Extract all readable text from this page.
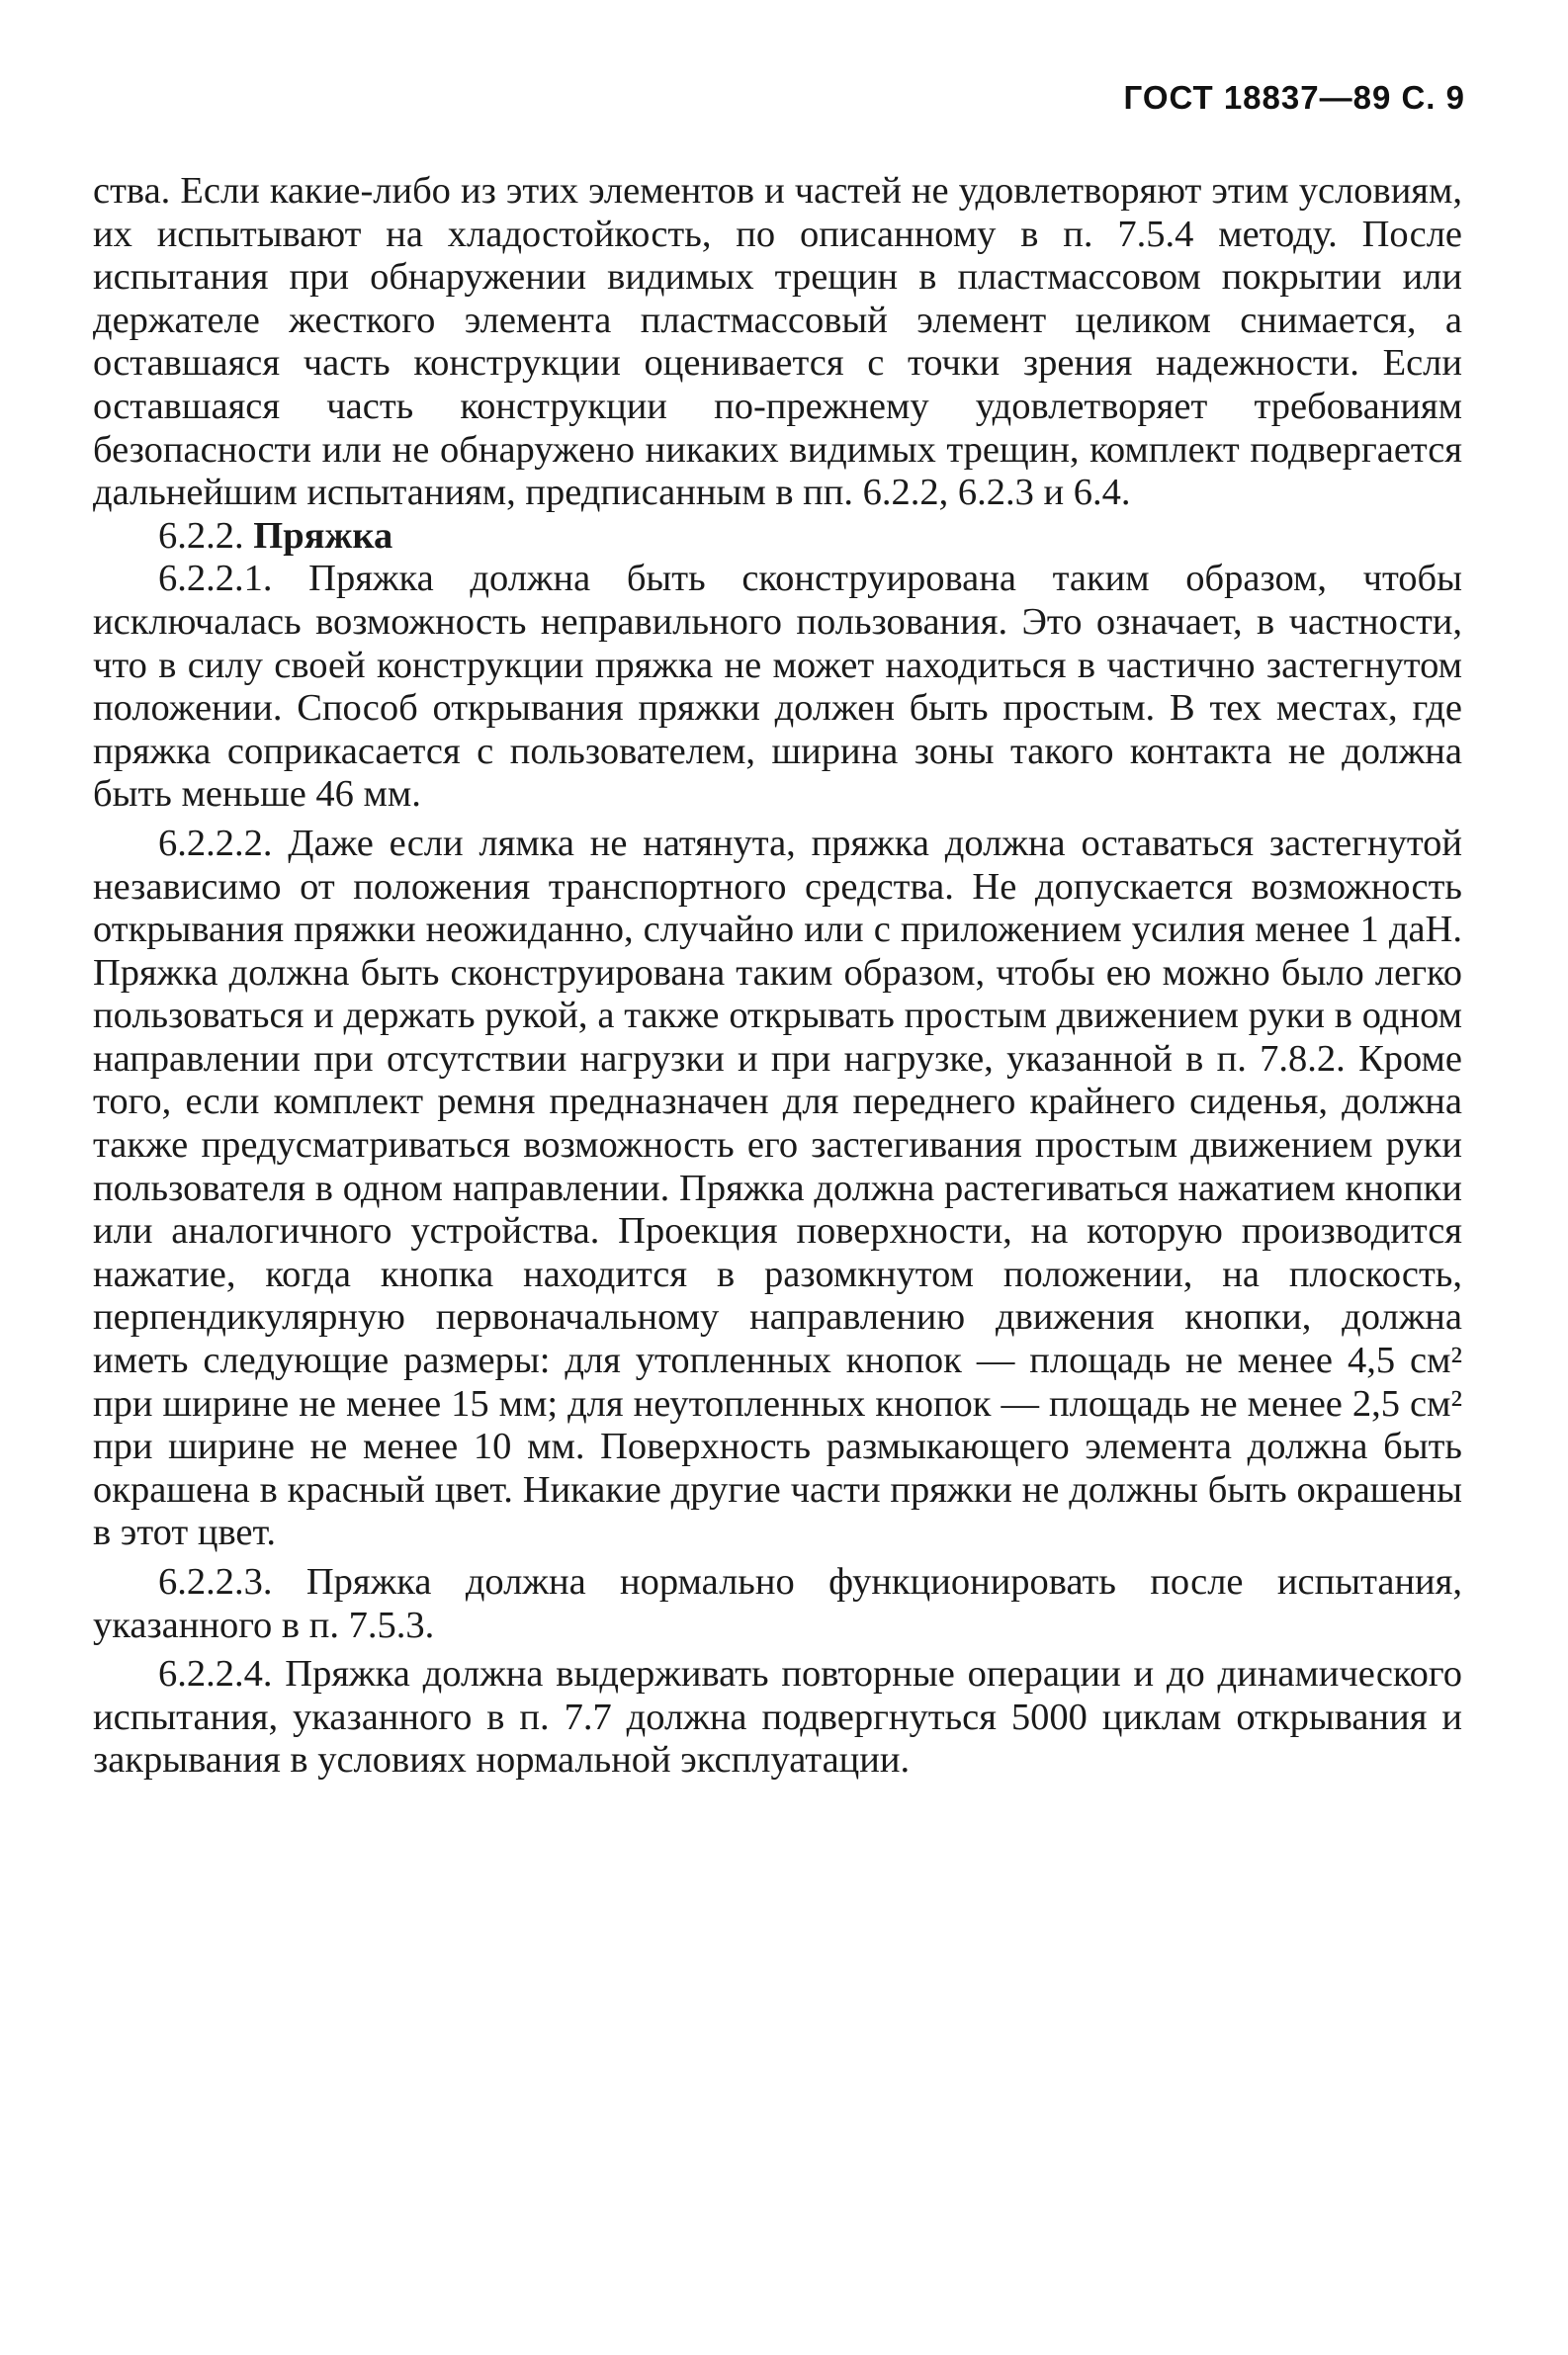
ГОСТ 18837—89 С. 9

ства. Если какие-либо из этих элементов и частей не удовлетворяют этим условиям, их испытывают на хладостойкость, по описанному в п. 7.5.4 методу. После испытания при обнаружении видимых трещин в пластмассовом покрытии или держателе жесткого элемента пластмассовый элемент целиком снимается, а оставшаяся часть конструкции оценивается с точки зрения надежности. Если оставшаяся часть конструкции по-прежнему удовлетворяет требованиям безопасности или не обнаружено никаких видимых трещин, комплект подвергается дальнейшим испытаниям, предписанным в пп. 6.2.2, 6.2.3 и 6.4.

6.2.2. Пряжка

6.2.2.1. Пряжка должна быть сконструирована таким образом, чтобы исключалась возможность неправильного пользования. Это означает, в частности, что в силу своей конструкции пряжка не может находиться в частично застегнутом положении. Способ открывания пряжки должен быть простым. В тех местах, где пряжка соприкасается с пользователем, ширина зоны такого контакта не должна быть меньше 46 мм.

6.2.2.2. Даже если лямка не натянута, пряжка должна оставаться застегнутой независимо от положения транспортного средства. Не допускается возможность открывания пряжки неожиданно, случайно или с приложением усилия менее 1 даН. Пряжка должна быть сконструирована таким образом, чтобы ею можно было легко пользоваться и держать рукой, а также открывать простым движением руки в одном направлении при отсутствии нагрузки и при нагрузке, указанной в п. 7.8.2. Кроме того, если комплект ремня предназначен для переднего крайнего сиденья, должна также предусматриваться возможность его застегивания простым движением руки пользователя в одном направлении. Пряжка должна растегиваться нажатием кнопки или аналогичного устройства. Проекция поверхности, на которую производится нажатие, когда кнопка находится в разомкнутом положении, на плоскость, перпендикулярную первоначальному направлению движения кнопки, должна иметь следующие размеры: для утопленных кнопок — площадь не менее 4,5 см² при ширине не менее 15 мм; для неутопленных кнопок — площадь не менее 2,5 см² при ширине не менее 10 мм. Поверхность размыкающего элемента должна быть окрашена в красный цвет. Никакие другие части пряжки не должны быть окрашены в этот цвет.

6.2.2.3. Пряжка должна нормально функционировать после испытания, указанного в п. 7.5.3.

6.2.2.4. Пряжка должна выдерживать повторные операции и до динамического испытания, указанного в п. 7.7 должна подвергнуться 5000 циклам открывания и закрывания в условиях нормальной эксплуатации.
